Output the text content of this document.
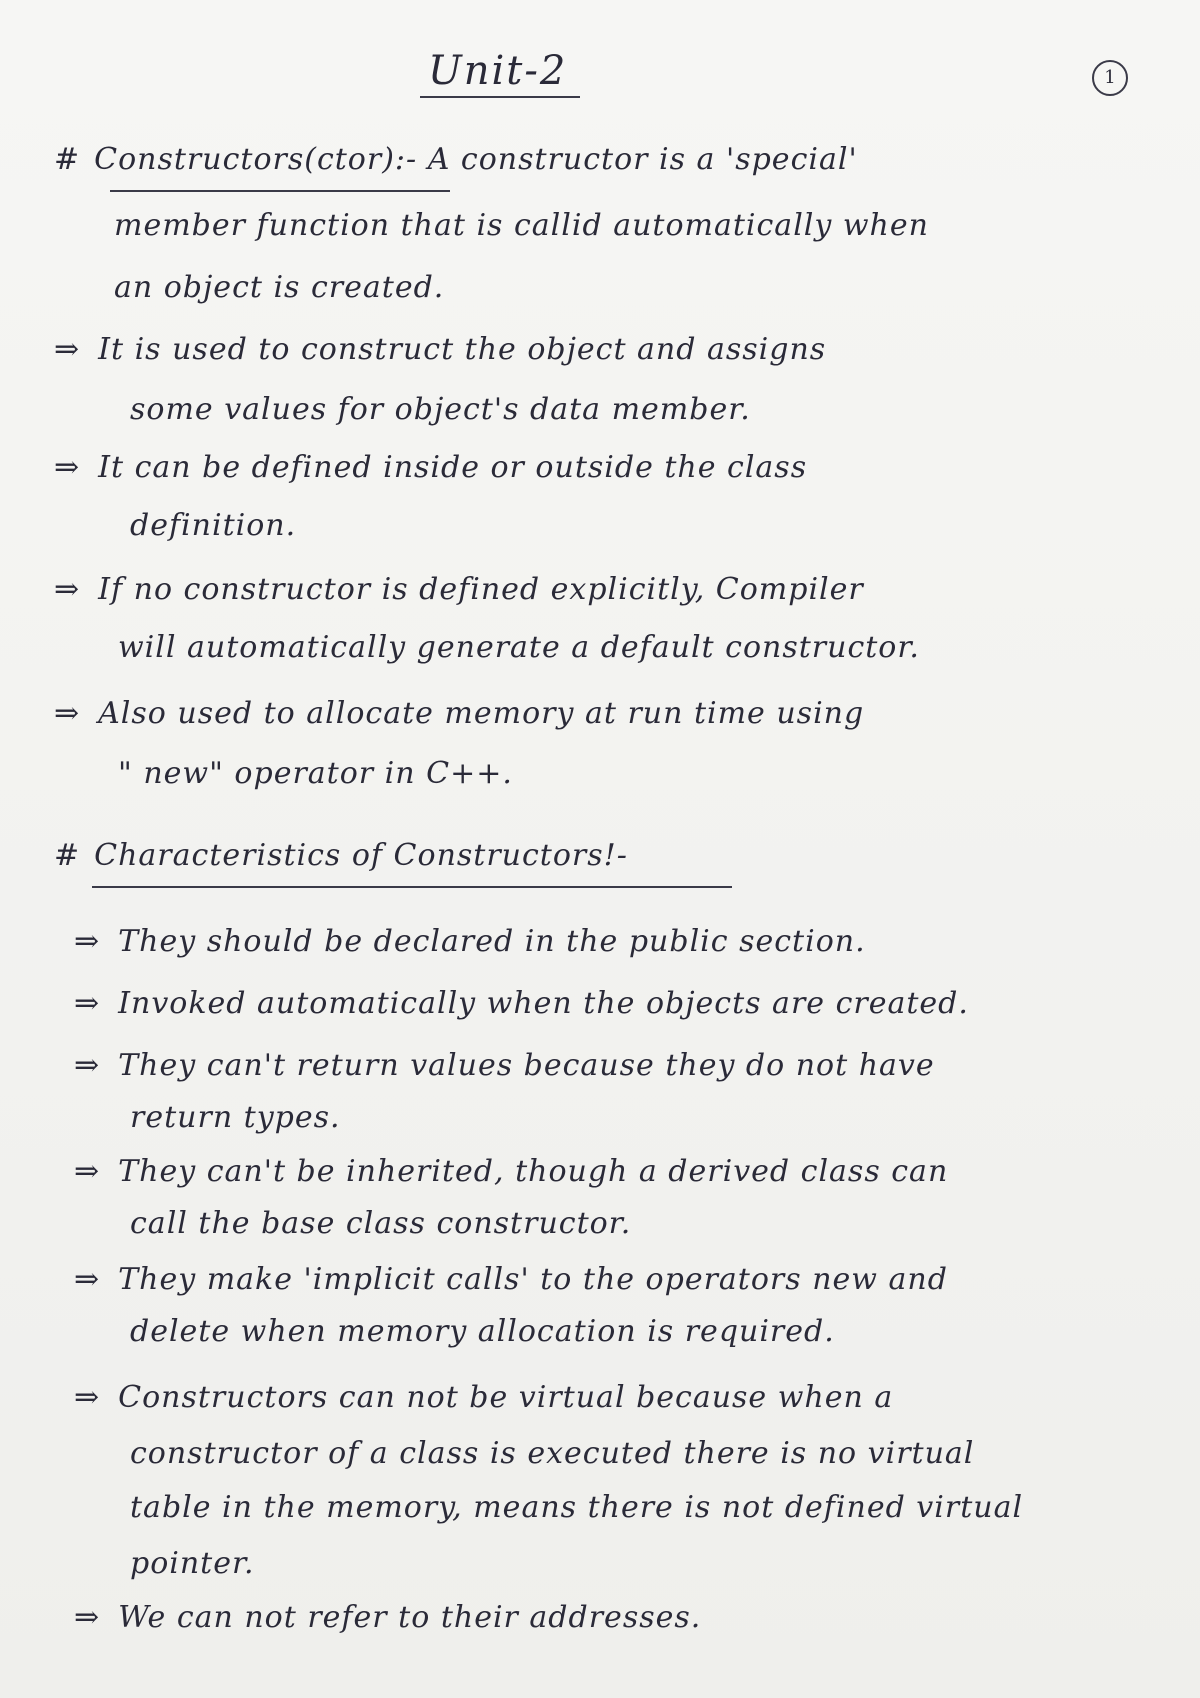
Unit-2	1
# Constructors(ctor):- A constructor is a 'special'
member function that is callid automatically when
an object is created.
⇒ It is used to construct the object and assigns
some values for object's data member.
⇒ It can be defined inside or outside the class
definition.
⇒ If no constructor is defined explicitly, Compiler
will automatically generate a default constructor.
⇒ Also used to allocate memory at run time using
" new" operator in C++.
# Characteristics of Constructors!-
⇒ They should be declared in the public section.
⇒ Invoked automatically when the objects are created.
⇒ They can't return values because they do not have
return types.
⇒ They can't be inherited, though a derived class can
call the base class constructor.
⇒ They make 'implicit calls' to the operators new and
delete when memory allocation is required.
⇒ Constructors can not be virtual because when a
constructor of a class is executed there is no virtual
table in the memory, means there is not defined virtual
pointer.
⇒ We can not refer to their addresses.
